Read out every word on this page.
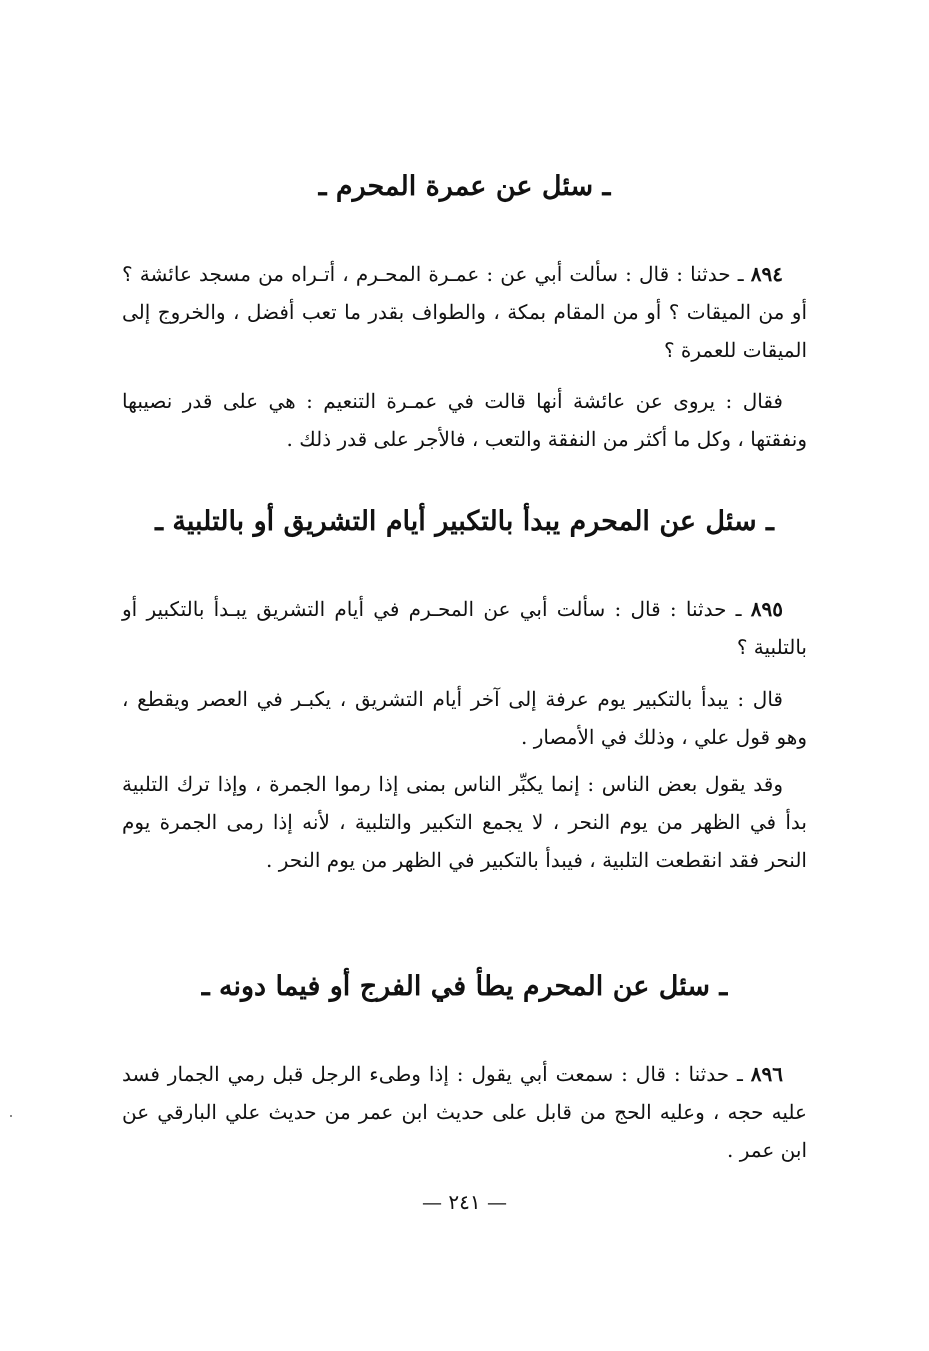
ـ سئل عن عمرة المحرم ـ

٨٩٤ ـ حدثنا : قال : سألت أبي عن : عمـرة المحـرم ، أتـراه من مسجد عائشة ؟ أو من الميقات ؟ أو من المقام بمكة ، والطواف بقدر ما تعب أفضل ، والخروج إلى الميقات للعمرة ؟

فقال : يروى عن عائشة أنها قالت في عمـرة التنعيم : هي على قدر نصيبها ونفقتها ، وكل ما أكثر من النفقة والتعب ، فالأجر على قدر ذلك .

ـ سئل عن المحرم يبدأ بالتكبير أيام التشريق أو بالتلبية ـ

٨٩٥ ـ حدثنا : قال : سألت أبي عن المحـرم في أيام التشريق يبـدأ بالتكبير أو بالتلبية ؟

قال : يبدأ بالتكبير يوم عرفة إلى آخر أيام التشريق ، يكبـر في العصر ويقطع ، وهو قول علي ، وذلك في الأمصار .

وقد يقول بعض الناس : إنما يكبِّر الناس بمنى إذا رموا الجمرة ، وإذا ترك التلبية بدأ في الظهر من يوم النحر ، لا يجمع التكبير والتلبية ، لأنه إذا رمى الجمرة يوم النحر فقد انقطعت التلبية ، فيبدأ بالتكبير في الظهر من يوم النحر .

ـ سئل عن المحرم يطأ في الفرج أو فيما دونه ـ

٨٩٦ ـ حدثنا : قال : سمعت أبي يقول : إذا وطىء الرجل قبل رمي الجمار فسد عليه حجه ، وعليه الحج من قابل على حديث ابن عمر من حديث علي البارقي عن ابن عمر .

— ٢٤١ —
